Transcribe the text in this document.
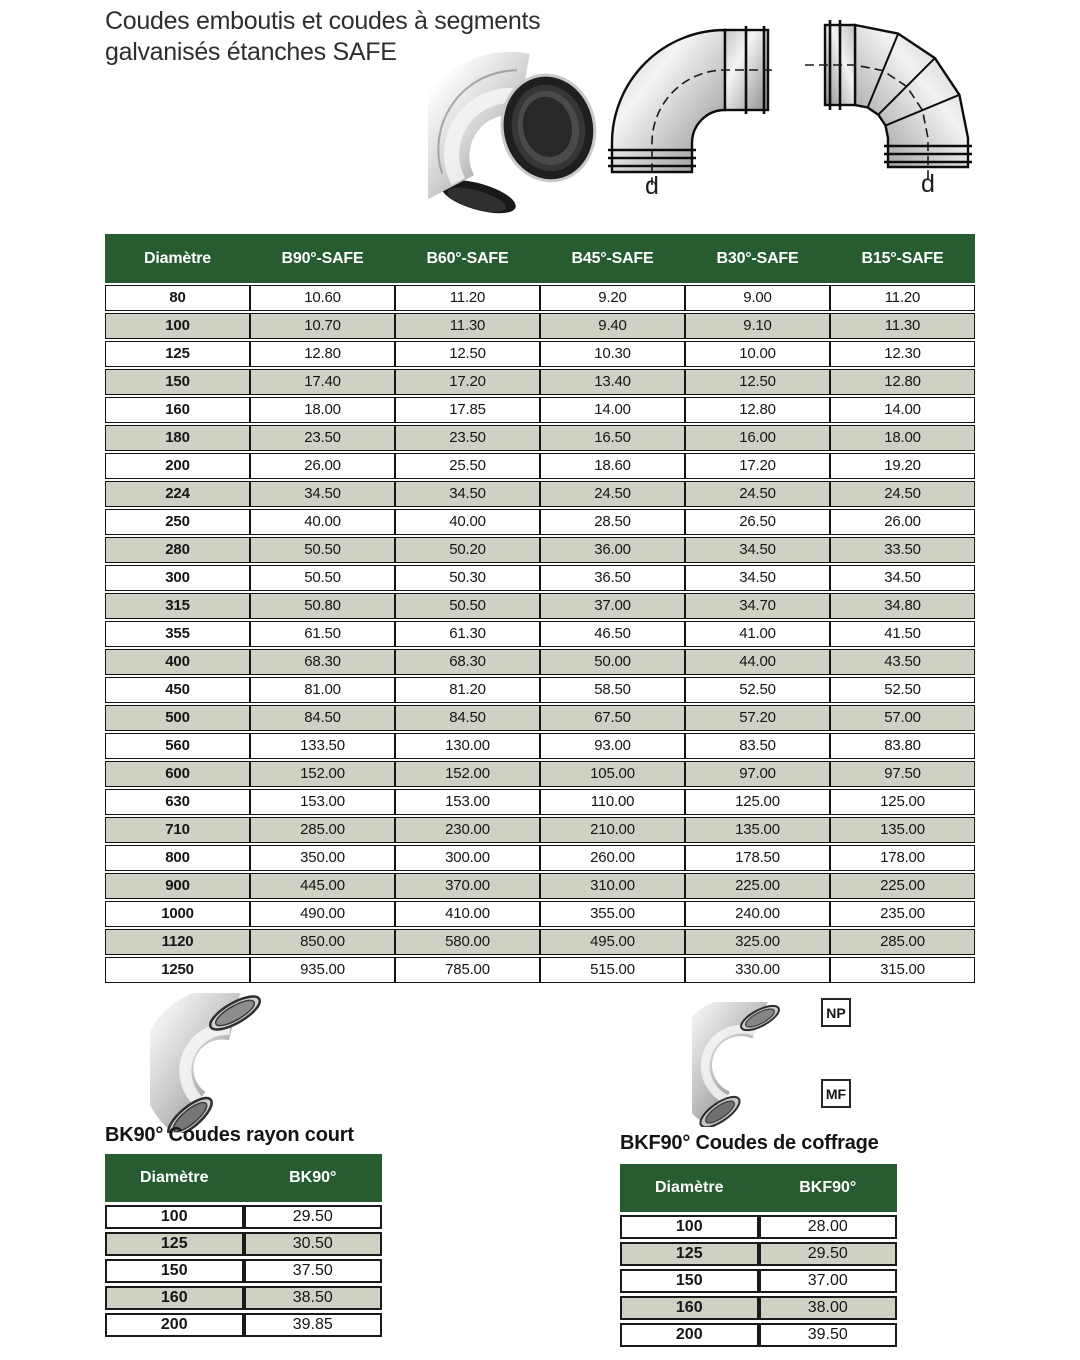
Coudes emboutis et coudes à segments
galvanisés étanches SAFE
d	d
Diamètre	B90°-SAFE	B60°-SAFE	B45°-SAFE	B30°-SAFE	B15°-SAFE
80	10.60	11.20	9.20	9.00	11.20
100	10.70	11.30	9.40	9.10	11.30
125	12.80	12.50	10.30	10.00	12.30
150	17.40	17.20	13.40	12.50	12.80
160	18.00	17.85	14.00	12.80	14.00
180	23.50	23.50	16.50	16.00	18.00
200	26.00	25.50	18.60	17.20	19.20
224	34.50	34.50	24.50	24.50	24.50
250	40.00	40.00	28.50	26.50	26.00
280	50.50	50.20	36.00	34.50	33.50
300	50.50	50.30	36.50	34.50	34.50
315	50.80	50.50	37.00	34.70	34.80
355	61.50	61.30	46.50	41.00	41.50
400	68.30	68.30	50.00	44.00	43.50
450	81.00	81.20	58.50	52.50	52.50
500	84.50	84.50	67.50	57.20	57.00
560	133.50	130.00	93.00	83.50	83.80
600	152.00	152.00	105.00	97.00	97.50
630	153.00	153.00	110.00	125.00	125.00
710	285.00	230.00	210.00	135.00	135.00
800	350.00	300.00	260.00	178.50	178.00
900	445.00	370.00	310.00	225.00	225.00
1000	490.00	410.00	355.00	240.00	235.00
1120	850.00	580.00	495.00	325.00	285.00
1250	935.00	785.00	515.00	330.00	315.00
NP
MF
BK90° Coudes rayon court
Diamètre	BK90°
100	29.50
125	30.50
150	37.50
160	38.50
200	39.85
BKF90° Coudes de coffrage
Diamètre	BKF90°
100	28.00
125	29.50
150	37.00
160	38.00
200	39.50
